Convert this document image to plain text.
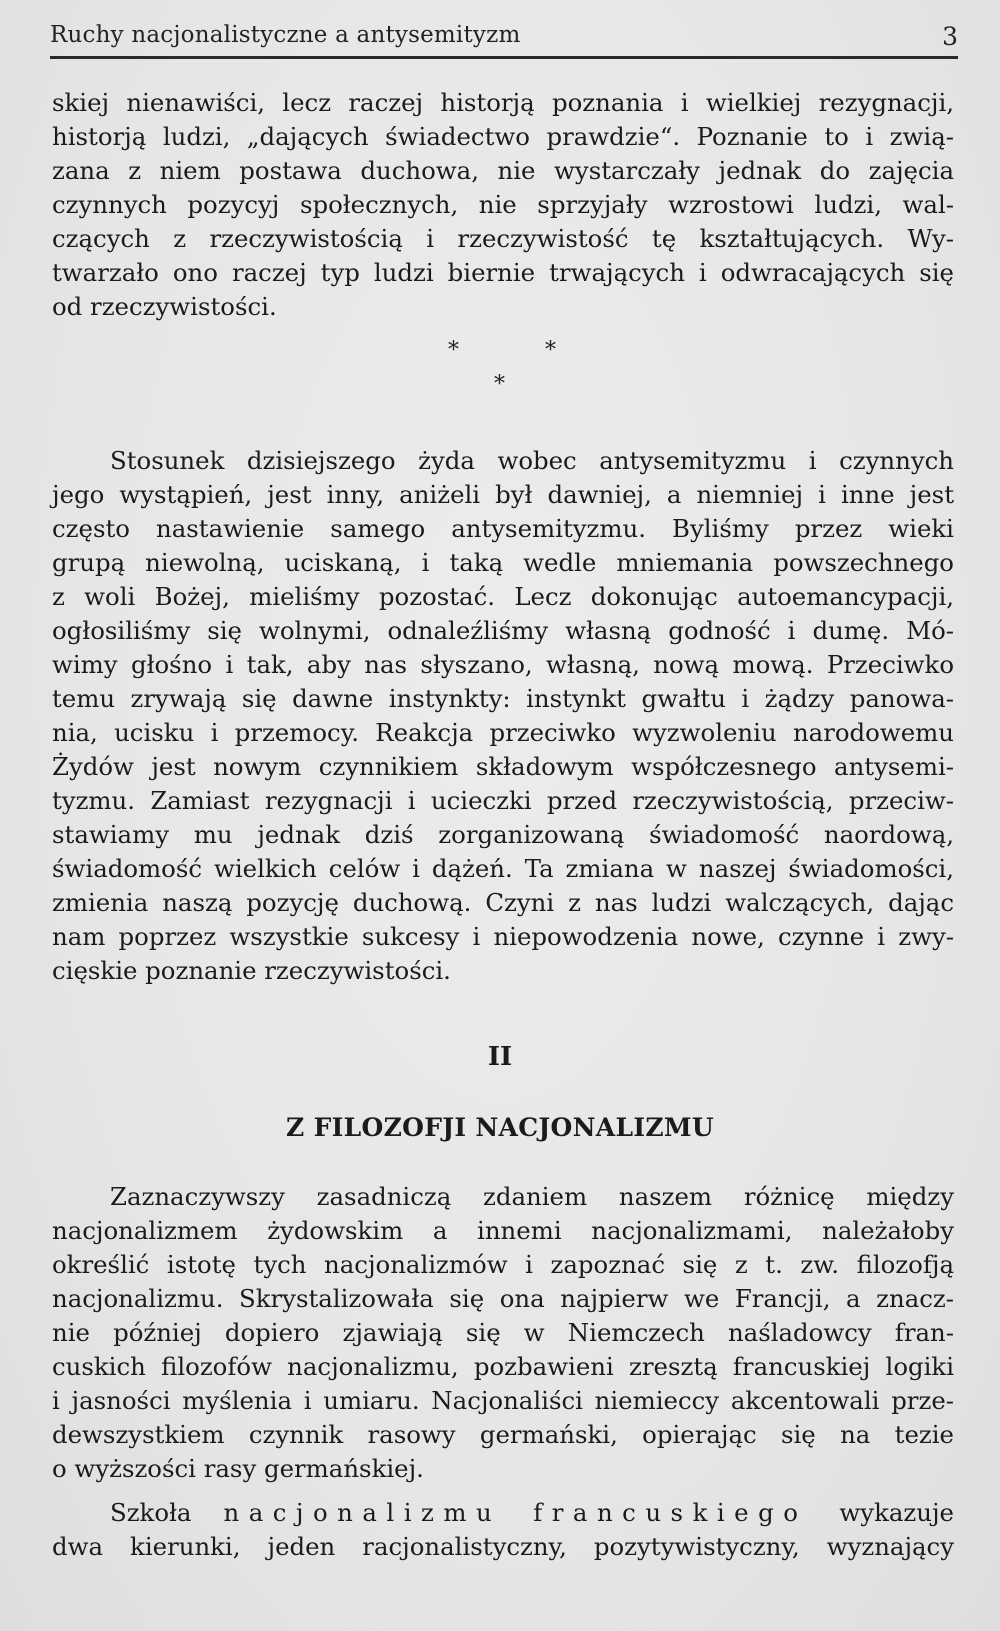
Ruchy nacjonalistyczne a antysemityzm	3
skiej nienawiści, lecz raczej historją poznania i wielkiej rezygnacji,
historją ludzi, „dających świadectwo prawdzie“. Poznanie to i zwią-
zana z niem postawa duchowa, nie wystarczały jednak do zajęcia
czynnych pozycyj społecznych, nie sprzyjały wzrostowi ludzi, wal-
czących z rzeczywistością i rzeczywistość tę kształtujących. Wy-
twarzało ono raczej typ ludzi biernie trwających i odwracających się
od rzeczywistości.
*	*
*
Stosunek dzisiejszego żyda wobec antysemityzmu i czynnych
jego wystąpień, jest inny, aniżeli był dawniej, a niemniej i inne jest
często nastawienie samego antysemityzmu. Byliśmy przez wieki
grupą niewolną, uciskaną, i taką wedle mniemania powszechnego
z woli Bożej, mieliśmy pozostać. Lecz dokonując autoemancypacji,
ogłosiliśmy się wolnymi, odnaleźliśmy własną godność i dumę. Mó-
wimy głośno i tak, aby nas słyszano, własną, nową mową. Przeciwko
temu zrywają się dawne instynkty: instynkt gwałtu i żądzy panowa-
nia, ucisku i przemocy. Reakcja przeciwko wyzwoleniu narodowemu
Żydów jest nowym czynnikiem składowym współczesnego antysemi-
tyzmu. Zamiast rezygnacji i ucieczki przed rzeczywistością, przeciw-
stawiamy mu jednak dziś zorganizowaną świadomość naordową,
świadomość wielkich celów i dążeń. Ta zmiana w naszej świadomości,
zmienia naszą pozycję duchową. Czyni z nas ludzi walczących, dając
nam poprzez wszystkie sukcesy i niepowodzenia nowe, czynne i zwy-
cięskie poznanie rzeczywistości.
II
Z FILOZOFJI NACJONALIZMU
Zaznaczywszy zasadniczą zdaniem naszem różnicę między
nacjonalizmem żydowskim a innemi nacjonalizmami, należałoby
określić istotę tych nacjonalizmów i zapoznać się z t. zw. filozofją
nacjonalizmu. Skrystalizowała się ona najpierw we Francji, a znacz-
nie później dopiero zjawiają się w Niemczech naśladowcy fran-
cuskich filozofów nacjonalizmu, pozbawieni zresztą francuskiej logiki
i jasności myślenia i umiaru. Nacjonaliści niemieccy akcentowali prze-
dewszystkiem czynnik rasowy germański, opierając się na tezie
o wyższości rasy germańskiej.
Szkoła nacjonalizmu francuskiego wykazuje
dwa kierunki, jeden racjonalistyczny, pozytywistyczny, wyznający
